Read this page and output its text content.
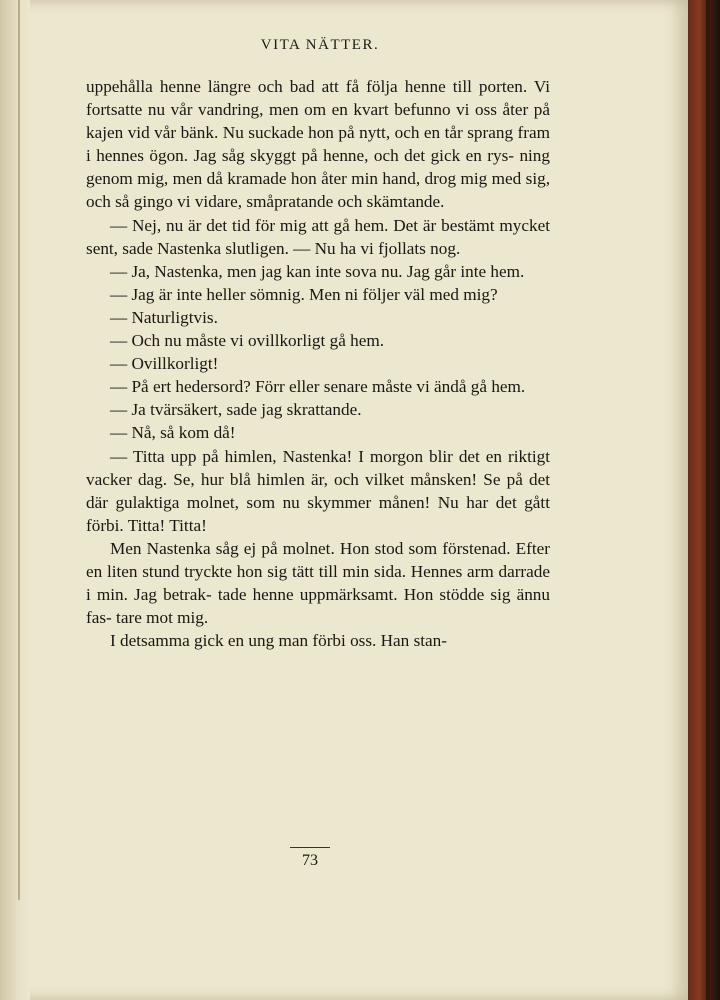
VITA NÄTTER.

uppehålla henne längre och bad att få följa henne till porten. Vi fortsatte nu vår vandring, men om en kvart befunno vi oss åter på kajen vid vår bänk. Nu suckade hon på nytt, och en tår sprang fram i hennes ögon. Jag såg skyggt på henne, och det gick en rys- ning genom mig, men då kramade hon åter min hand, drog mig med sig, och så gingo vi vidare, småpratande och skämtande.

— Nej, nu är det tid för mig att gå hem. Det är bestämt mycket sent, sade Nastenka slutligen. — Nu ha vi fjollats nog.

— Ja, Nastenka, men jag kan inte sova nu. Jag går inte hem.

— Jag är inte heller sömnig. Men ni följer väl med mig?

— Naturligtvis.

— Och nu måste vi ovillkorligt gå hem.

— Ovillkorligt!

— På ert hedersord? Förr eller senare måste vi ändå gå hem.

— Ja tvärsäkert, sade jag skrattande.

— Nå, så kom då!

— Titta upp på himlen, Nastenka! I morgon blir det en riktigt vacker dag. Se, hur blå himlen är, och vilket månsken! Se på det där gulaktiga molnet, som nu skymmer månen! Nu har det gått förbi. Titta! Titta!

Men Nastenka såg ej på molnet. Hon stod som förstenad. Efter en liten stund tryckte hon sig tätt till min sida. Hennes arm darrade i min. Jag betrak- tade henne uppmärksamt. Hon stödde sig ännu fas- tare mot mig.

I detsamma gick en ung man förbi oss. Han stan-

73
